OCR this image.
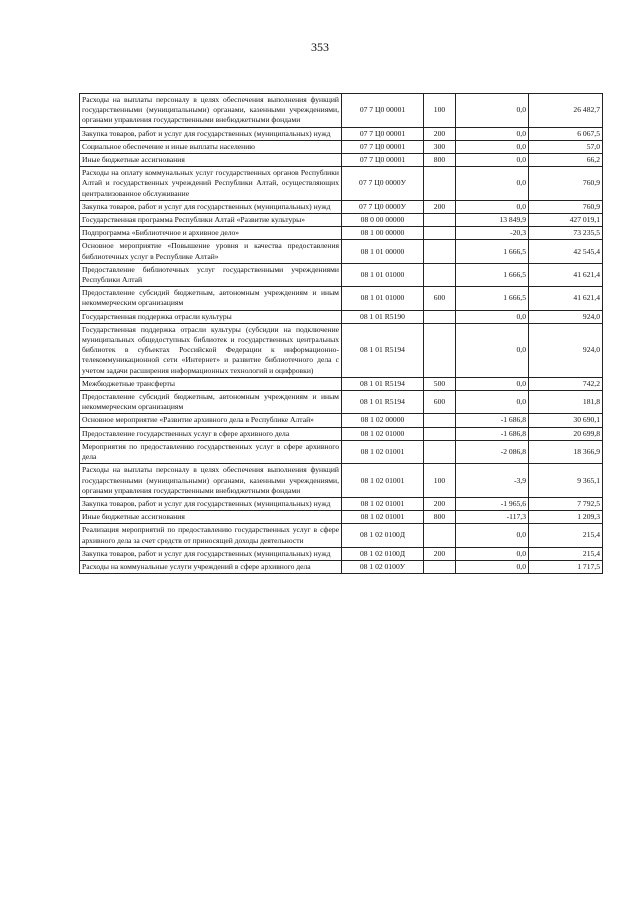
353
Расходы на выплаты персоналу в целях обеспечения выполнения функций государственными (муниципальными) органами, казенными учреждениями, органами управления государственными внебюджетными фондами	07 7 Ц0 00001	100	0,0	26 482,7
Закупка товаров, работ и услуг для государственных (муниципальных) нужд	07 7 Ц0 00001	200	0,0	6 067,5
Социальное обеспечение и иные выплаты населению	07 7 Ц0 00001	300	0,0	57,0
Иные бюджетные ассигнования	07 7 Ц0 00001	800	0,0	66,2
Расходы на оплату коммунальных услуг государственных органов Республики Алтай и государственных учреждений Республики Алтай, осуществляющих централизованное обслуживание	07 7 Ц0 0000У		0,0	760,9
Закупка товаров, работ и услуг для государственных (муниципальных) нужд	07 7 Ц0 0000У	200	0,0	760,9
Государственная программа Республики Алтай «Развитие культуры»	08 0 00 00000		13 849,9	427 019,1
Подпрограмма «Библиотечное и архивное дело»	08 1 00 00000		-20,3	73 235,5
Основное мероприятие «Повышение уровня и качества предоставления библиотечных услуг в Республике Алтай»	08 1 01 00000		1 666,5	42 545,4
Предоставление библиотечных услуг государственными учреждениями Республики Алтай	08 1 01 01000		1 666,5	41 621,4
Предоставление субсидий бюджетным, автономным учреждениям и иным некоммерческим организациям	08 1 01 01000	600	1 666,5	41 621,4
Государственная поддержка отрасли культуры	08 1 01 R5190		0,0	924,0
Государственная поддержка отрасли культуры (субсидии на подключение муниципальных общедоступных библиотек и государственных центральных библиотек в субъектах Российской Федерации к информационно-телекоммуникационной сети «Интернет» и развитие библиотечного дела с учетом задачи расширения информационных технологий и оцифровки)	08 1 01 R5194		0,0	924,0
Межбюджетные трансферты	08 1 01 R5194	500	0,0	742,2
Предоставление субсидий бюджетным, автономным учреждениям и иным некоммерческим организациям	08 1 01 R5194	600	0,0	181,8
Основное мероприятие «Развитие архивного дела в Республике Алтай»	08 1 02 00000		-1 686,8	30 690,1
Предоставление государственных услуг в сфере архивного дела	08 1 02 01000		-1 686,8	20 699,8
Мероприятия по предоставлению государственных услуг в сфере архивного дела	08 1 02 01001		-2 086,8	18 366,9
Расходы на выплаты персоналу в целях обеспечения выполнения функций государственными (муниципальными) органами, казенными учреждениями, органами управления государственными внебюджетными фондами	08 1 02 01001	100	-3,9	9 365,1
Закупка товаров, работ и услуг для государственных (муниципальных) нужд	08 1 02 01001	200	-1 965,6	7 792,5
Иные бюджетные ассигнования	08 1 02 01001	800	-117,3	1 209,3
Реализация мероприятий по предоставлению государственных услуг в сфере архивного дела за счет средств от приносящей доходы деятельности	08 1 02 0100Д		0,0	215,4
Закупка товаров, работ и услуг для государственных (муниципальных) нужд	08 1 02 0100Д	200	0,0	215,4
Расходы на коммунальные услуги учреждений в сфере архивного дела	08 1 02 0100У		0,0	1 717,5
